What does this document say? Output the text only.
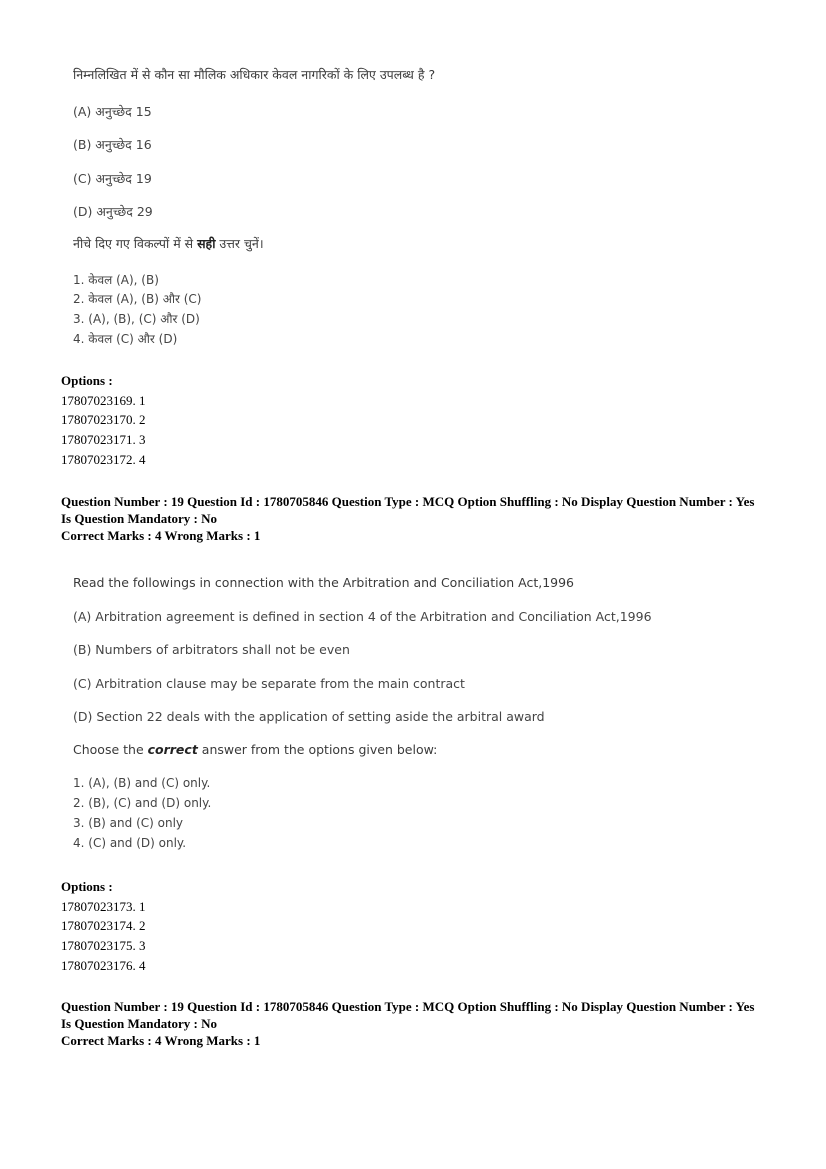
निम्नलिखित में से कौन सा मौलिक अधिकार केवल नागरिकों के लिए उपलब्ध है ?
(A) अनुच्छेद 15
(B) अनुच्छेद 16
(C) अनुच्छेद 19
(D) अनुच्छेद 29
नीचे दिए गए विकल्पों में से सही उत्तर चुनें।
1. केवल (A), (B)
2. केवल (A), (B) और (C)
3. (A), (B), (C) और (D)
4. केवल (C) और (D)
Options :
17807023169. 1
17807023170. 2
17807023171. 3
17807023172. 4
Question Number : 19 Question Id : 1780705846 Question Type : MCQ Option Shuffling : No Display Question Number : Yes
Is Question Mandatory : No
Correct Marks : 4 Wrong Marks : 1
Read the followings in connection with the Arbitration and Conciliation Act,1996
(A) Arbitration agreement is defined in section 4 of the Arbitration and Conciliation Act,1996
(B) Numbers of arbitrators shall not be even
(C) Arbitration clause may be separate from the main contract
(D) Section 22 deals with the application of setting aside the arbitral award
Choose the correct answer from the options given below:
1. (A), (B) and (C) only.
2. (B), (C) and (D) only.
3. (B) and (C) only
4. (C) and (D) only.
Options :
17807023173. 1
17807023174. 2
17807023175. 3
17807023176. 4
Question Number : 19 Question Id : 1780705846 Question Type : MCQ Option Shuffling : No Display Question Number : Yes
Is Question Mandatory : No
Correct Marks : 4 Wrong Marks : 1
